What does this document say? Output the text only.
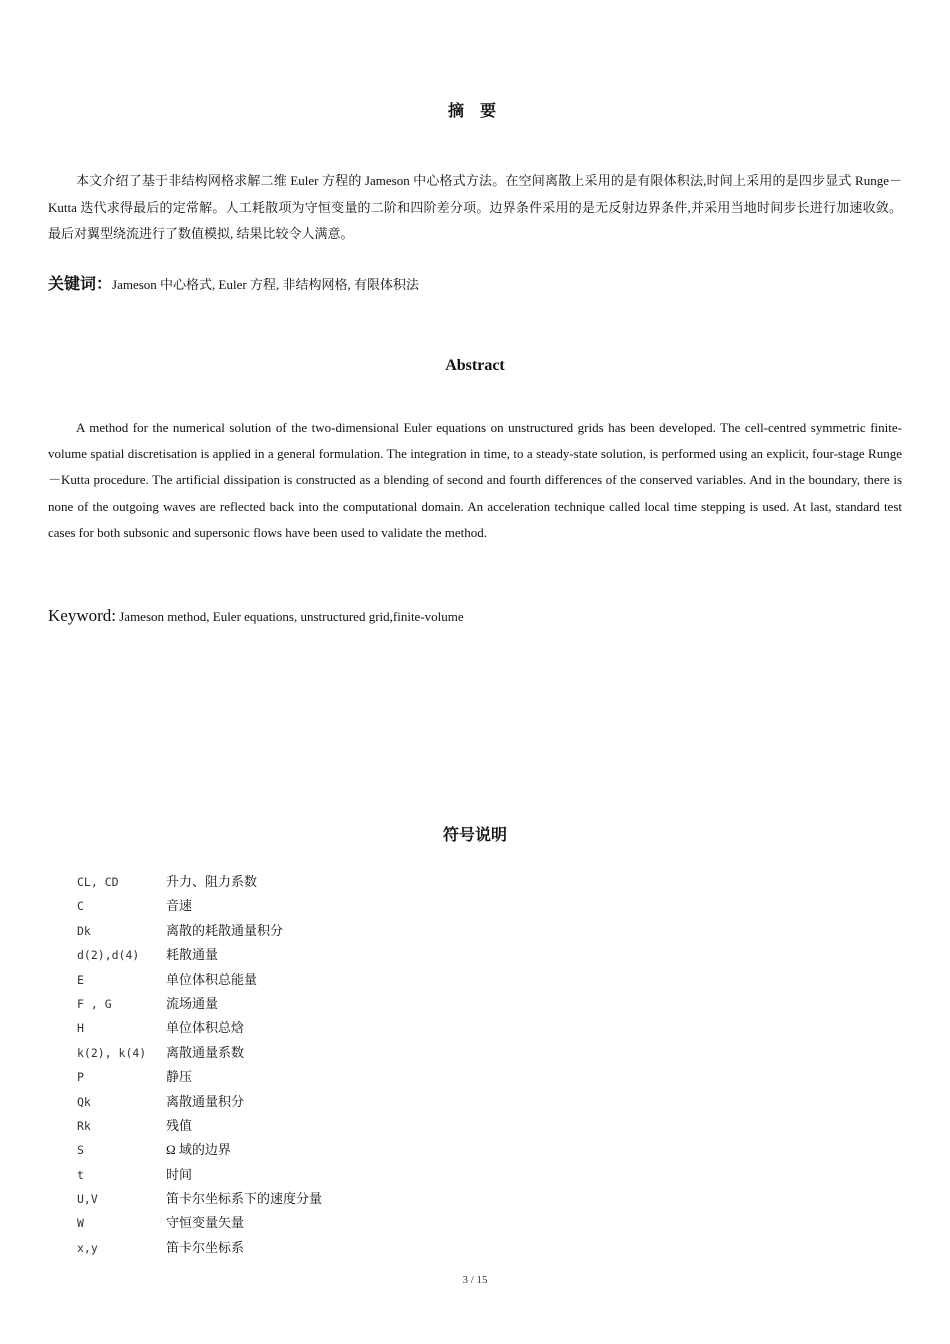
摘 要
本文介绍了基于非结构网格求解二维 Euler 方程的 Jameson 中心格式方法。在空间离散上采用的是有限体积法,时间上采用的是四步显式 Runge－Kutta 迭代求得最后的定常解。人工耗散项为守恒变量的二阶和四阶差分项。边界条件采用的是无反射边界条件,并采用当地时间步长进行加速收敛。最后对翼型绕流进行了数值模拟, 结果比较令人满意。
关键词：Jameson 中心格式, Euler 方程, 非结构网格, 有限体积法
Abstract
A method for the numerical solution of the two-dimensional Euler equations on unstructured grids has been developed. The cell-centred symmetric finite-volume spatial discretisation is applied in a general formulation. The integration in time, to a steady-state solution, is performed using an explicit, four-stage Runge－Kutta procedure. The artificial dissipation is constructed as a blending of second and fourth differences of the conserved variables. And in the boundary, there is none of the outgoing waves are reflected back into the computational domain. An acceleration technique called local time stepping is used. At last, standard test cases for both subsonic and supersonic flows have been used to validate the method.
Keyword: Jameson method, Euler equations, unstructured grid,finite-volume
符号说明
CL, CD	升力、阻力系数
C	音速
Dk	离散的耗散通量积分
d(2),d(4)	耗散通量
E	单位体积总能量
F , G	流场通量
H	单位体积总焓
k(2), k(4)	离散通量系数
P	静压
Qk	离散通量积分
Rk	残值
S	Ω 域的边界
t	时间
U,V	笛卡尔坐标系下的速度分量
W	守恒变量矢量
x,y	笛卡尔坐标系
3 / 15
